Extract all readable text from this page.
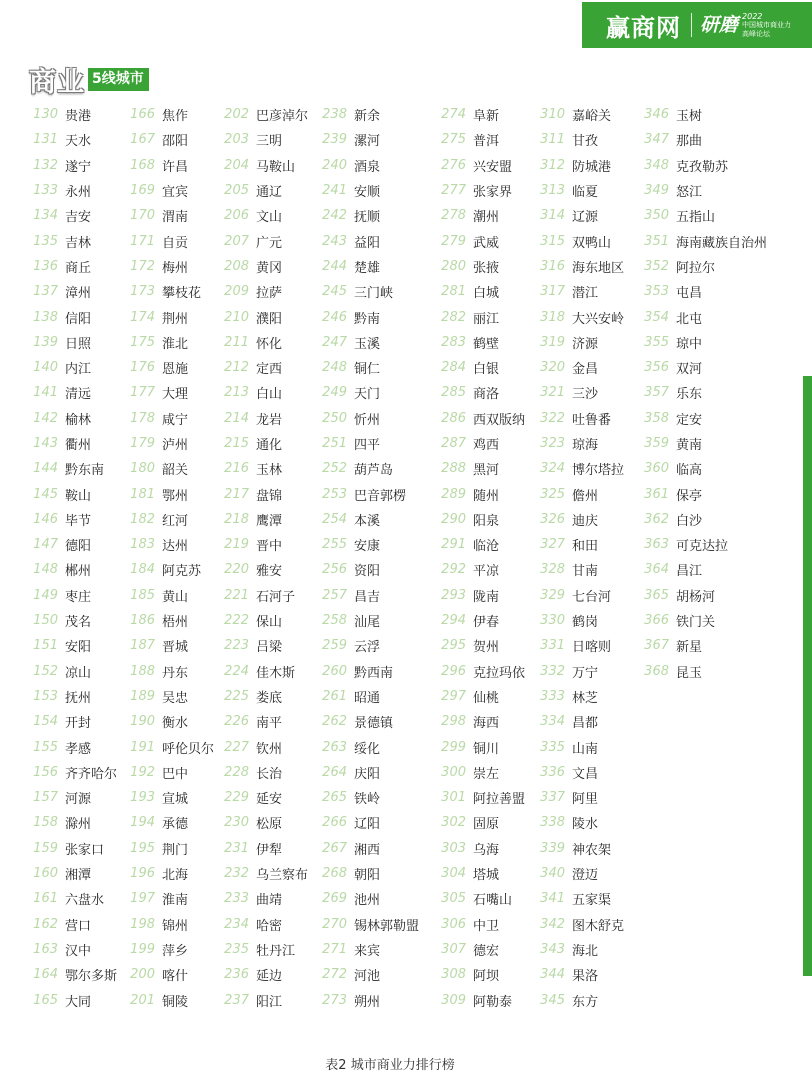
赢商网 研磨 2022
中国城市商业力
高峰论坛
商业 5线城市
130 贵港
131 天水
132 遂宁
133 永州
134 吉安
135 吉林
136 商丘
137 漳州
138 信阳
139 日照
140 内江
141 清远
142 榆林
143 衢州
144 黔东南
145 鞍山
146 毕节
147 德阳
148 郴州
149 枣庄
150 茂名
151 安阳
152 凉山
153 抚州
154 开封
155 孝感
156 齐齐哈尔
157 河源
158 滁州
159 张家口
160 湘潭
161 六盘水
162 营口
163 汉中
164 鄂尔多斯
165 大同
166 焦作
167 邵阳
168 许昌
169 宜宾
170 渭南
171 自贡
172 梅州
173 攀枝花
174 荆州
175 淮北
176 恩施
177 大理
178 咸宁
179 泸州
180 韶关
181 鄂州
182 红河
183 达州
184 阿克苏
185 黄山
186 梧州
187 晋城
188 丹东
189 吴忠
190 衡水
191 呼伦贝尔
192 巴中
193 宣城
194 承德
195 荆门
196 北海
197 淮南
198 锦州
199 萍乡
200 喀什
201 铜陵
202 巴彦淖尔
203 三明
204 马鞍山
205 通辽
206 文山
207 广元
208 黄冈
209 拉萨
210 濮阳
211 怀化
212 定西
213 白山
214 龙岩
215 通化
216 玉林
217 盘锦
218 鹰潭
219 晋中
220 雅安
221 石河子
222 保山
223 吕梁
224 佳木斯
225 娄底
226 南平
227 钦州
228 长治
229 延安
230 松原
231 伊犁
232 乌兰察布
233 曲靖
234 哈密
235 牡丹江
236 延边
237 阳江
238 新余
239 漯河
240 酒泉
241 安顺
242 抚顺
243 益阳
244 楚雄
245 三门峡
246 黔南
247 玉溪
248 铜仁
249 天门
250 忻州
251 四平
252 葫芦岛
253 巴音郭楞
254 本溪
255 安康
256 资阳
257 昌吉
258 汕尾
259 云浮
260 黔西南
261 昭通
262 景德镇
263 绥化
264 庆阳
265 铁岭
266 辽阳
267 湘西
268 朝阳
269 池州
270 锡林郭勒盟
271 来宾
272 河池
273 朔州
274 阜新
275 普洱
276 兴安盟
277 张家界
278 潮州
279 武威
280 张掖
281 白城
282 丽江
283 鹤壁
284 白银
285 商洛
286 西双版纳
287 鸡西
288 黑河
289 随州
290 阳泉
291 临沧
292 平凉
293 陇南
294 伊春
295 贺州
296 克拉玛依
297 仙桃
298 海西
299 铜川
300 崇左
301 阿拉善盟
302 固原
303 乌海
304 塔城
305 石嘴山
306 中卫
307 德宏
308 阿坝
309 阿勒泰
310 嘉峪关
311 甘孜
312 防城港
313 临夏
314 辽源
315 双鸭山
316 海东地区
317 潜江
318 大兴安岭
319 济源
320 金昌
321 三沙
322 吐鲁番
323 琼海
324 博尔塔拉
325 儋州
326 迪庆
327 和田
328 甘南
329 七台河
330 鹤岗
331 日喀则
332 万宁
333 林芝
334 昌都
335 山南
336 文昌
337 阿里
338 陵水
339 神农架
340 澄迈
341 五家渠
342 图木舒克
343 海北
344 果洛
345 东方
346 玉树
347 那曲
348 克孜勒苏
349 怒江
350 五指山
351 海南藏族自治州
352 阿拉尔
353 屯昌
354 北屯
355 琼中
356 双河
357 乐东
358 定安
359 黄南
360 临高
361 保亭
362 白沙
363 可克达拉
364 昌江
365 胡杨河
366 铁门关
367 新星
368 昆玉
表2 城市商业力排行榜
